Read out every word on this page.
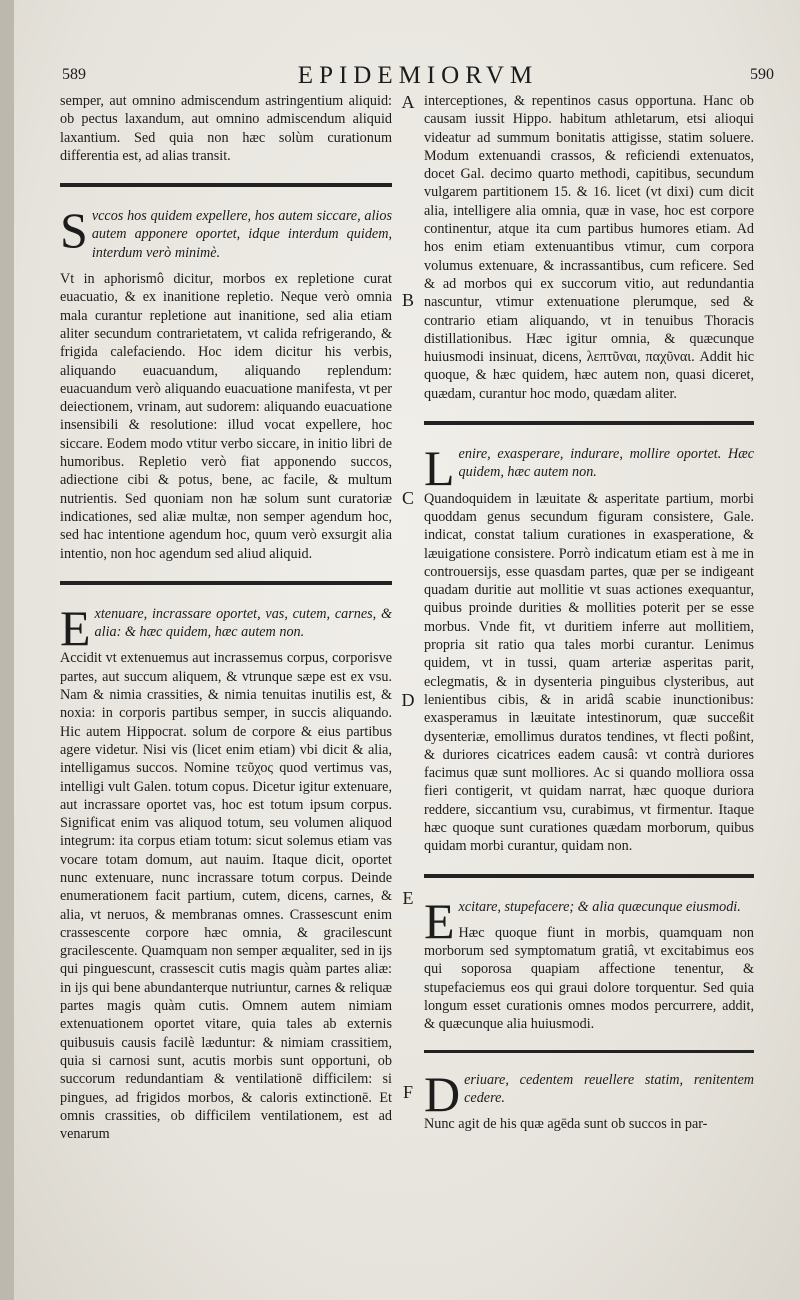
589	EPIDEMIORVM	590

semper, aut omnino admiscendum astringentium aliquid: ob pectus laxandum, aut omnino admiscendum aliquid laxantium. Sed quia non hæc solùm curationum differentia est, ad alias transit.

Svccos hos quidem expellere, hos autem siccare, alios autem apponere oportet, idque interdum quidem, interdum verò minimè.

Vt in aphorismô dicitur, morbos ex repletione curat euacuatio, & ex inanitione repletio. Neque verò omnia mala curantur repletione aut inanitione, sed alia etiam aliter secundum contrarietatem, vt calida refrigerando, & frigida calefaciendo. Hoc idem dicitur his verbis, aliquando euacuandum, aliquando replendum: euacuandum verò aliquando euacuatione manifesta, vt per deiectionem, vrinam, aut sudorem: aliquando euacuatione insensibili & resolutione: illud vocat expellere, hoc siccare. Eodem modo vtitur verbo siccare, in initio libri de humoribus. Repletio verò fiat apponendo succos, adiectione cibi & potus, bene, ac facile, & multum nutrientis. Sed quoniam non hæ solum sunt curatoriæ indicationes, sed aliæ multæ, non semper agendum hoc, sed hac intentione agendum hoc, quum verò exsurgit alia intentio, non hoc agendum sed aliud aliquid.

Extenuare, incrassare oportet, vas, cutem, carnes, & alia: & hæc quidem, hæc autem non.

Accidit vt extenuemus aut incrassemus corpus, corporisve partes, aut succum aliquem, & vtrunque sæpe est ex vsu. Nam & nimia crassities, & nimia tenuitas inutilis est, & noxia: in corporis partibus semper, in succis aliquando. Hic autem Hippocrat. solum de corpore & eius partibus agere videtur. Nisi vis (licet enim etiam) vbi dicit & alia, intelligamus succos. Nomine τεῦχος quod vertimus vas, intelligi vult Galen. totum copus. Dicetur igitur extenuare, aut incrassare oportet vas, hoc est totum ipsum corpus. Significat enim vas aliquod totum, seu volumen aliquod integrum: ita corpus etiam totum: sicut solemus etiam vas vocare totam domum, aut nauim. Itaque dicit, oportet nunc extenuare, nunc incrassare totum corpus. Deinde enumerationem facit partium, cutem, dicens, carnes, & alia, vt neruos, & membranas omnes. Crassescunt enim crassescente corpore hæc omnia, & gracilescunt gracilescente. Quamquam non semper æqualiter, sed in ijs qui pinguescunt, crassescit cutis magis quàm partes aliæ: in ijs qui bene abundanterque nutriuntur, carnes & reliquæ partes magis quàm cutis. Omnem autem nimiam extenuationem oportet vitare, quia tales ab externis quibusuis causis facilè læduntur: & nimiam crassitiem, quia si carnosi sunt, acutis morbis sunt opportuni, ob succorum redundantiam & ventilationē difficilem: si pingues, ad frigidos morbos, & caloris extinctionē. Et omnis crassities, ob difficilem ventilationem, est ad venarum

A
B
C
D
E
F

interceptiones, & repentinos casus opportuna. Hanc ob causam iussit Hippo. habitum athletarum, etsi alioqui videatur ad summum bonitatis attigisse, statim soluere. Modum extenuandi crassos, & reficiendi extenuatos, docet Gal. decimo quarto methodi, capitibus, secundum vulgarem partitionem 15. & 16. licet (vt dixi) cum dicit alia, intelligere alia omnia, quæ in vase, hoc est corpore continentur, atque ita cum partibus humores etiam. Ad hos enim etiam extenuantibus vtimur, cum corpora volumus extenuare, & incrassantibus, cum reficere. Sed & ad morbos qui ex succorum vitio, aut redundantia nascuntur, vtimur extenuatione plerumque, sed & contrario etiam aliquando, vt in tenuibus Thoracis distillationibus. Hæc igitur omnia, & quæcunque huiusmodi insinuat, dicens, λεπτῦναι, παχῦναι. Addit hic quoque, & hæc quidem, hæc autem non, quasi diceret, quædam, curantur hoc modo, quædam aliter.

Lenire, exasperare, indurare, mollire oportet. Hæc quidem, hæc autem non.

Quandoquidem in læuitate & asperitate partium, morbi quoddam genus secundum figuram consistere, Gale. indicat, constat talium curationes in exasperatione, & læuigatione consistere. Porrò indicatum etiam est à me in controuersijs, esse quasdam partes, quæ per se indigeant quadam duritie aut mollitie vt suas actiones exequantur, quibus proinde durities & mollities poterit per se esse morbus. Vnde fit, vt duritiem inferre aut mollitiem, propria sit ratio qua tales morbi curantur. Lenimus quidem, vt in tussi, quam arteriæ asperitas parit, eclegmatis, & in dysenteria pinguibus clysteribus, aut lenientibus cibis, & in aridâ scabie inunctionibus: exasperamus in læuitate intestinorum, quæ succeßit dysenteriæ, emollimus duratos tendines, vt flecti poßint, & duriores cicatrices eadem causâ: vt contrà duriores facimus quæ sunt molliores. Ac si quando molliora ossa fieri contigerit, vt quidam narrat, hæc quoque duriora reddere, siccantium vsu, curabimus, vt firmentur. Itaque hæc quoque sunt curationes quædam morborum, quibus quidam morbi curantur, quidam non.

Excitare, stupefacere; & alia quæcunque eiusmodi.

Hæc quoque fiunt in morbis, quamquam non morborum sed symptomatum gratiâ, vt excitabimus eos qui soporosa quapiam affectione tenentur, & stupefaciemus eos qui graui dolore torquentur. Sed quia longum esset curationis omnes modos percurrere, addit, & quæcunque alia huiusmodi.

Deriuare, cedentem reuellere statim, renitentem cedere.

Nunc agit de his quæ agēda sunt ob succos in par-
